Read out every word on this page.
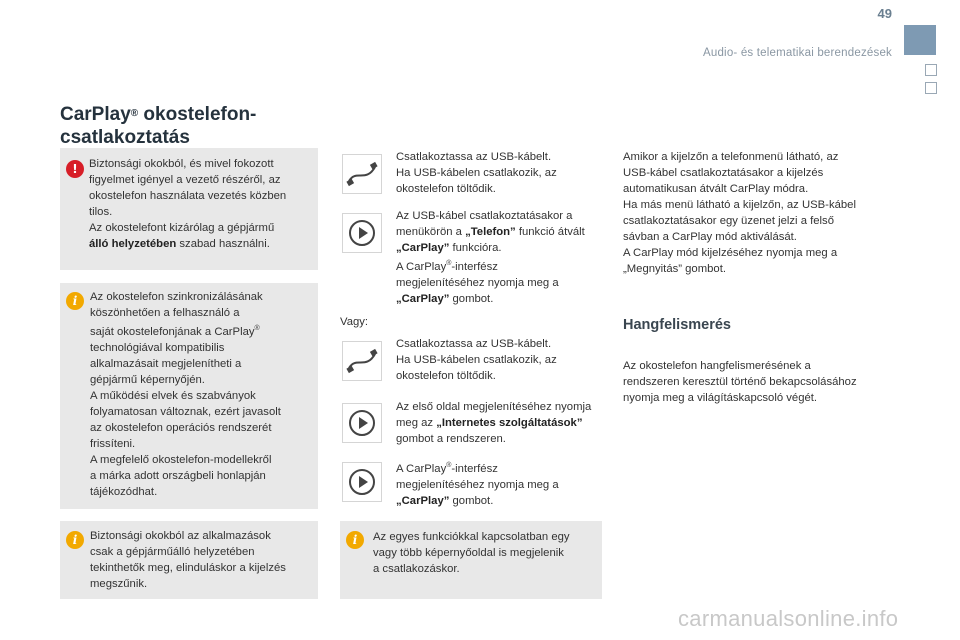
49
Audio- és telematikai berendezések
CarPlay® okostelefon-
csatlakoztatás
! Biztonsági okokból, és mivel fokozott

figyelmet igényel a vezető részéről, az

okostelefon használata vezetés közben

tilos.

Az okostelefont kizárólag a gépjármű

álló helyzetében szabad használni.

i	Az okostelefon szinkronizálásának

köszönhetően a felhasználó a

saját okostelefonjának a CarPlay®

technológiával kompatibilis

alkalmazásait megjelenítheti a

gépjármű képernyőjén.

A működési elvek és szabványok

folyamatosan változnak, ezért javasolt

az okostelefon operációs rendszerét

frissíteni.

A megfelelő okostelefon-modellekről

a márka adott országbeli honlapján

tájékozódhat.

i	Biztonsági okokból az alkalmazások

csak a gépjárműálló helyzetében

tekinthetők meg, elinduláskor a kijelzés

megszűnik.

Csatlakoztassa az USB-kábelt.

Ha USB-kábelen csatlakozik, az

okostelefon töltődik.

Az USB-kábel csatlakoztatásakor a

menükörön a „Telefon” funkció átvált

„CarPlay” funkcióra.

A CarPlay®-interfész

megjelenítéséhez nyomja meg a

„CarPlay” gombot.

Vagy:

Csatlakoztassa az USB-kábelt.

Ha USB-kábelen csatlakozik, az

okostelefon töltődik.

Az első oldal megjelenítéséhez nyomja

meg az „Internetes szolgáltatások”

gombot a rendszeren.

A CarPlay®-interfész

megjelenítéséhez nyomja meg a

„CarPlay” gombot.

i	Az egyes funkciókkal kapcsolatban egy

vagy több képernyőoldal is megjelenik

a csatlakozáskor.

Amikor a kijelzőn a telefonmenü látható, az

USB-kábel csatlakoztatásakor a kijelzés

automatikusan átvált CarPlay módra.

Ha más menü látható a kijelzőn, az USB-kábel

csatlakoztatásakor egy üzenet jelzi a felső

sávban a CarPlay mód aktiválását.

A CarPlay mód kijelzéséhez nyomja meg a

„Megnyitás” gombot.

Hangfelismerés

Az okostelefon hangfelismerésének a

rendszeren keresztül történő bekapcsolásához

nyomja meg a világításkapcsoló végét.

carmanualsonline.info
